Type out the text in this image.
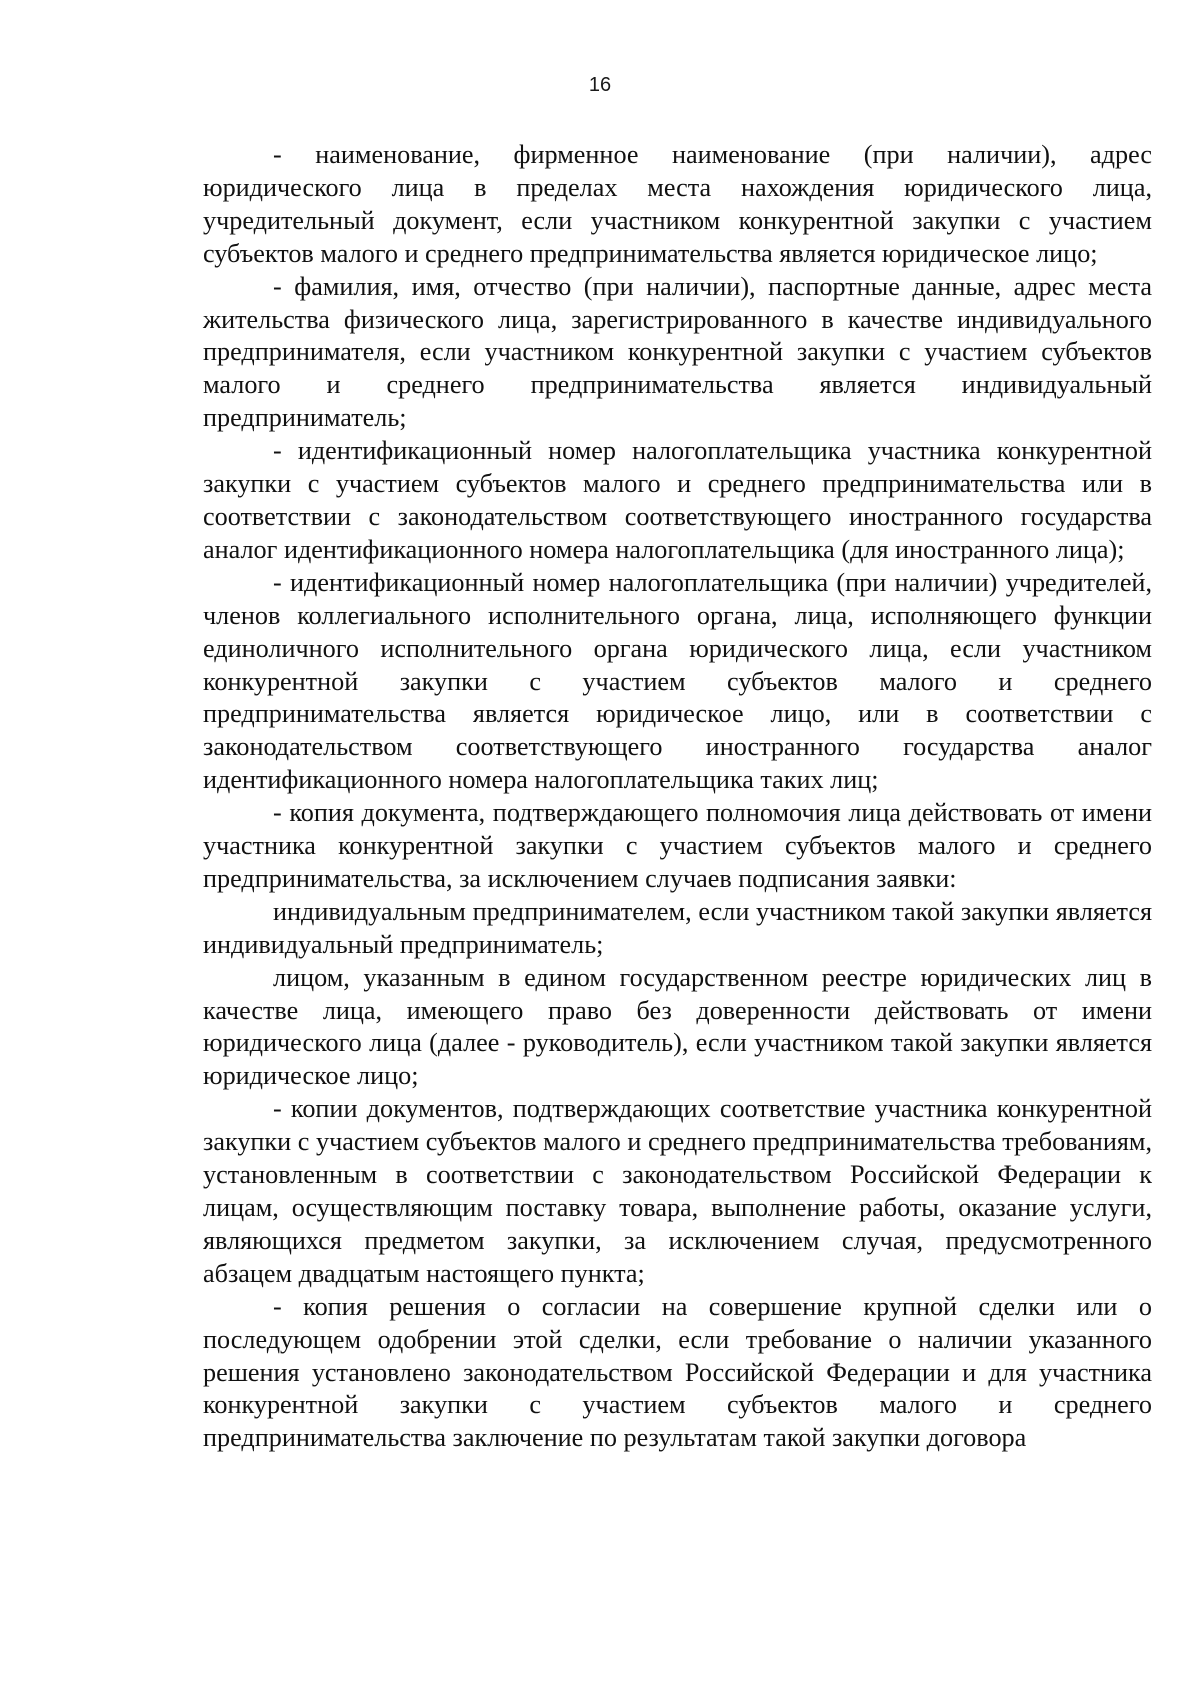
16

- наименование, фирменное наименование (при наличии), адрес юридического лица в пределах места нахождения юридического лица, учредительный документ, если участником конкурентной закупки с участием субъектов малого и среднего предпринимательства является юридическое лицо;

- фамилия, имя, отчество (при наличии), паспортные данные, адрес места жительства физического лица, зарегистрированного в качестве индивидуального предпринимателя, если участником конкурентной закупки с участием субъектов малого и среднего предпринимательства является индивидуальный предприниматель;

- идентификационный номер налогоплательщика участника конкурентной закупки с участием субъектов малого и среднего предпринимательства или в соответствии с законодательством соответствующего иностранного государства аналог идентификационного номера налогоплательщика (для иностранного лица);

- идентификационный номер налогоплательщика (при наличии) учредителей, членов коллегиального исполнительного органа, лица, исполняющего функции единоличного исполнительного органа юридического лица, если участником конкурентной закупки с участием субъектов малого и среднего предпринимательства является юридическое лицо, или в соответствии с законодательством соответствующего иностранного государства аналог идентификационного номера налогоплательщика таких лиц;

- копия документа, подтверждающего полномочия лица действовать от имени участника конкурентной закупки с участием субъектов малого и среднего предпринимательства, за исключением случаев подписания заявки:

индивидуальным предпринимателем, если участником такой закупки является индивидуальный предприниматель;

лицом, указанным в едином государственном реестре юридических лиц в качестве лица, имеющего право без доверенности действовать от имени юридического лица (далее - руководитель), если участником такой закупки является юридическое лицо;

- копии документов, подтверждающих соответствие участника конкурентной закупки с участием субъектов малого и среднего предпринимательства требованиям, установленным в соответствии с законодательством Российской Федерации к лицам, осуществляющим поставку товара, выполнение работы, оказание услуги, являющихся предметом закупки, за исключением случая, предусмотренного абзацем двадцатым настоящего пункта;

- копия решения о согласии на совершение крупной сделки или о последующем одобрении этой сделки, если требование о наличии указанного решения установлено законодательством Российской Федерации и для участника конкурентной закупки с участием субъектов малого и среднего предпринимательства заключение по результатам такой закупки договора
